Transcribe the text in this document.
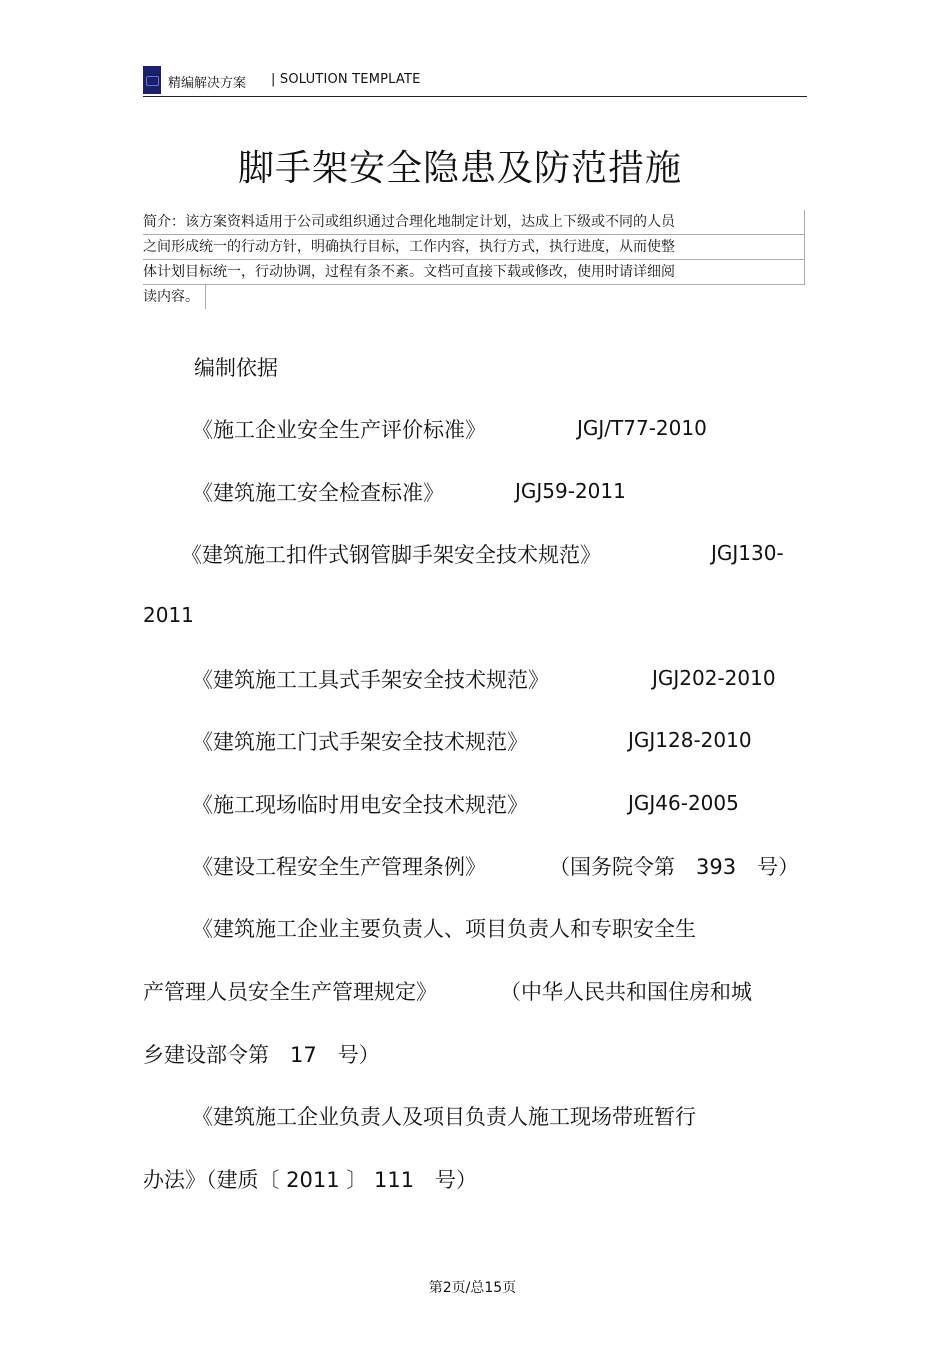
精编解决方案 | SOLUTION TEMPLATE
脚手架安全隐患及防范措施
简介：该方案资料适用于公司或组织通过合理化地制定计划，达成上下级或不同的人员
之间形成统一的行动方针，明确执行目标，工作内容，执行方式，执行进度，从而使整
体计划目标统一，行动协调，过程有条不紊。文档可直接下载或修改，使用时请详细阅
读内容。
编制依据
《施工企业安全生产评价标准》	JGJ/T77-2010
《建筑施工安全检查标准》	JGJ59-2011
《建筑施工扣件式钢管脚手架安全技术规范》	JGJ130-
2011
《建筑施工工具式手架安全技术规范》	JGJ202-2010
《建筑施工门式手架安全技术规范》	JGJ128-2010
《施工现场临时用电安全技术规范》	JGJ46-2005
《建设工程安全生产管理条例》	（国务院令第　393　号）
《建筑施工企业主要负责人、项目负责人和专职安全生
产管理人员安全生产管理规定》	（中华人民共和国住房和城
乡建设部令第　17　号）
《建筑施工企业负责人及项目负责人施工现场带班暂行
办法》（建质〔 2011 〕 111　号）
第2页/总15页
